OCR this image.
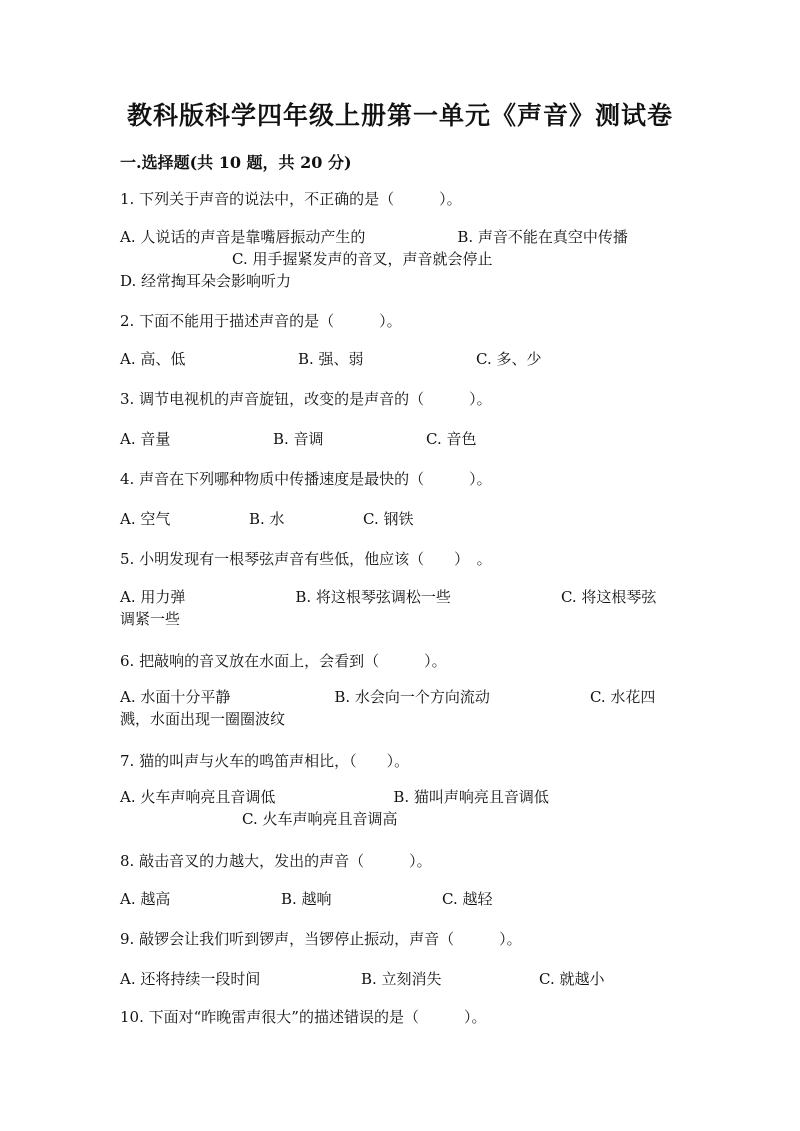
教科版科学四年级上册第一单元《声音》测试卷
一.选择题(共 10 题，共 20 分)
1. 下列关于声音的说法中，不正确的是（　　　）。
A. 人说话的声音是靠嘴唇振动产生的	B. 声音不能在真空中传播
C. 用手握紧发声的音叉，声音就会停止D. 经常掏耳朵会影响听力
2. 下面不能用于描述声音的是（　　　）。
A. 高、低	B. 强、弱	C. 多、少
3. 调节电视机的声音旋钮，改变的是声音的（　　　）。
A. 音量	B. 音调	C. 音色
4. 声音在下列哪种物质中传播速度是最快的（　　　）。
A. 空气	B. 水	C. 钢铁
5. 小明发现有一根琴弦声音有些低，他应该（　　）　。
A. 用力弹	B. 将这根琴弦调松一些	C. 将这根琴弦调紧一些
6. 把敲响的音叉放在水面上，会看到（　　　）。
A. 水面十分平静	B. 水会向一个方向流动	C. 水花四溅，水面出现一圈圈波纹
7. 猫的叫声与火车的鸣笛声相比，（　　）。
A. 火车声响亮且音调低	B. 猫叫声响亮且音调低
C. 火车声响亮且音调高
8. 敲击音叉的力越大，发出的声音（　　　）。
A. 越高	B. 越响	C. 越轻
9. 敲锣会让我们听到锣声，当锣停止振动，声音（　　　）。
A. 还将持续一段时间	B. 立刻消失	C. 就越小
10. 下面对“昨晚雷声很大”的描述错误的是（　　　）。
